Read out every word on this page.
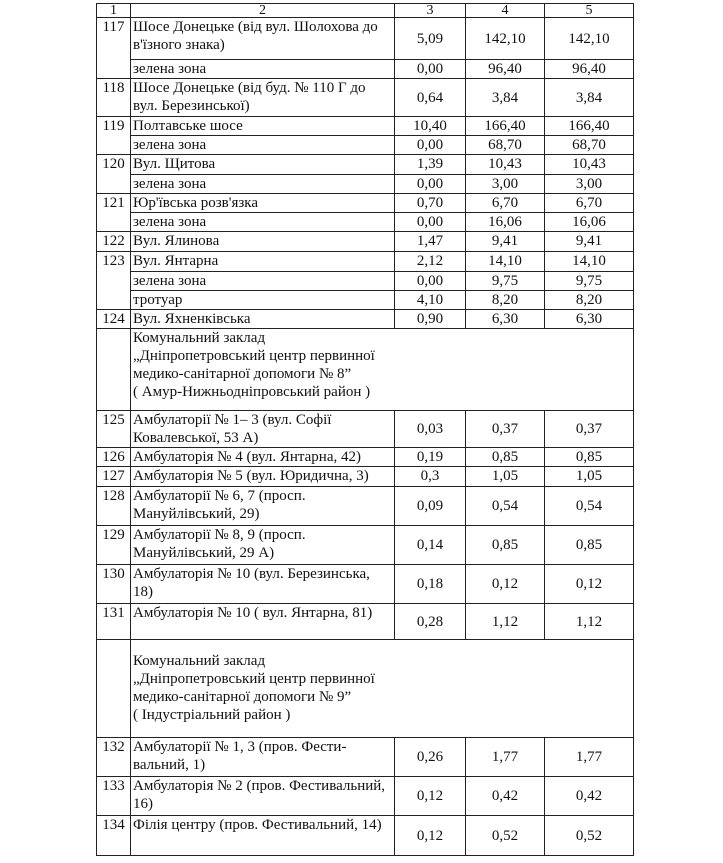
1	2	3	4	5
117	Шосе Донецьке (від вул. Шолохова до в'їзного знака)	5,09	142,10	142,10
	зелена зона	0,00	96,40	96,40
118	Шосе Донецьке (від буд. № 110 Г до вул. Березинської)	0,64	3,84	3,84
119	Полтавське шосе	10,40	166,40	166,40
	зелена зона	0,00	68,70	68,70
120	Вул. Щитова	1,39	10,43	10,43
	зелена зона	0,00	3,00	3,00
121	Юр'ївська розв'язка	0,70	6,70	6,70
	зелена зона	0,00	16,06	16,06
122	Вул. Ялинова	1,47	9,41	9,41
123	Вул. Янтарна	2,12	14,10	14,10
	зелена зона	0,00	9,75	9,75
	тротуар	4,10	8,20	8,20
124	Вул. Яхненківська	0,90	6,30	6,30

	Комунальний заклад
„Дніпропетровський центр первинної
медико-санітарної допомоги № 8”
( Амур-Нижньодніпровський район )			

125	Амбулаторії № 1– 3 (вул. Софії Ковалевської, 53 А)	0,03	0,37	0,37
126	Амбулаторія № 4 (вул. Янтарна, 42)	0,19	0,85	0,85
127	Амбулаторія № 5 (вул. Юридична, 3)	0,3	1,05	1,05
128	Амбулаторії № 6, 7 (просп. Мануйлівський, 29)	0,09	0,54	0,54
129	Амбулаторії № 8, 9 (просп. Мануйлівський, 29 А)	0,14	0,85	0,85
130	Амбулаторія № 10 (вул. Березинська, 18)	0,18	0,12	0,12
131	Амбулаторія № 10 ( вул. Янтарна, 81)	0,28	1,12	1,12

	Комунальний заклад
„Дніпропетровський центр первинної
медико-санітарної допомоги № 9”
( Індустріальний район )			

132	Амбулаторії № 1, 3 (пров. Фести-вальний, 1)	0,26	1,77	1,77
133	Амбулаторія № 2 (пров. Фестивальний, 16)	0,12	0,42	0,42
134	Філія центру (пров. Фестивальний, 14)	0,12	0,52	0,52
